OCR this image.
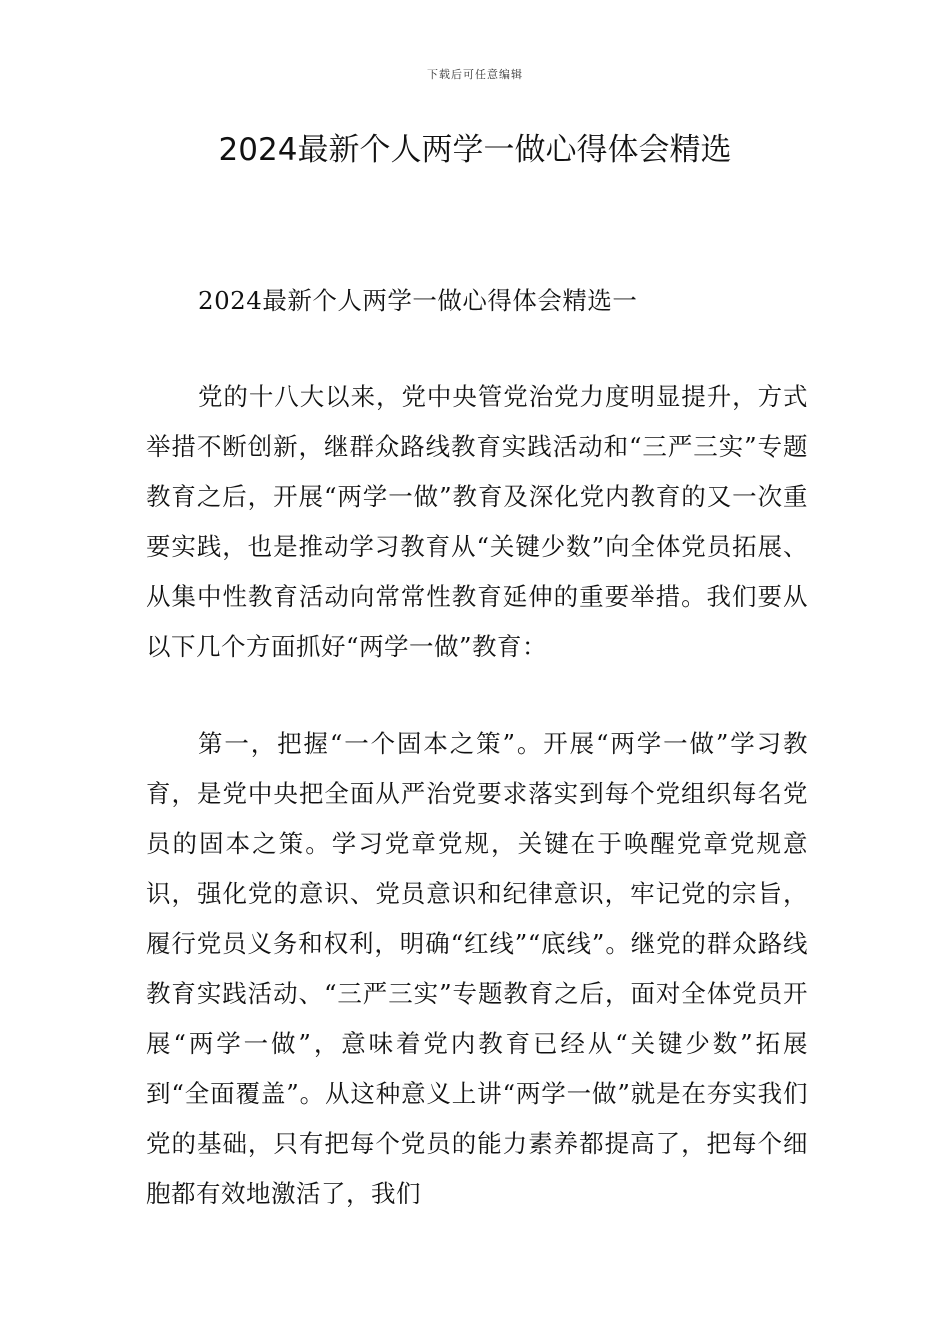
下载后可任意编辑
2024最新个人两学一做心得体会精选

2024最新个人两学一做心得体会精选一

党的十八大以来，党中央管党治党力度明显提升，方式举措不断创新，继群众路线教育实践活动和“三严三实”专题教育之后，开展“两学一做”教育及深化党内教育的又一次重要实践，也是推动学习教育从“关键少数”向全体党员拓展、从集中性教育活动向常常性教育延伸的重要举措。我们要从以下几个方面抓好“两学一做”教育：

第一，把握“一个固本之策”。开展“两学一做”学习教育，是党中央把全面从严治党要求落实到每个党组织每名党员的固本之策。学习党章党规，关键在于唤醒党章党规意识，强化党的意识、党员意识和纪律意识，牢记党的宗旨，履行党员义务和权利，明确“红线”“底线”。继党的群众路线教育实践活动、“三严三实”专题教育之后，面对全体党员开展“两学一做”，意味着党内教育已经从“关键少数”拓展到“全面覆盖”。从这种意义上讲“两学一做”就是在夯实我们党的基础，只有把每个党员的能力素养都提高了，把每个细胞都有效地激活了，我们
